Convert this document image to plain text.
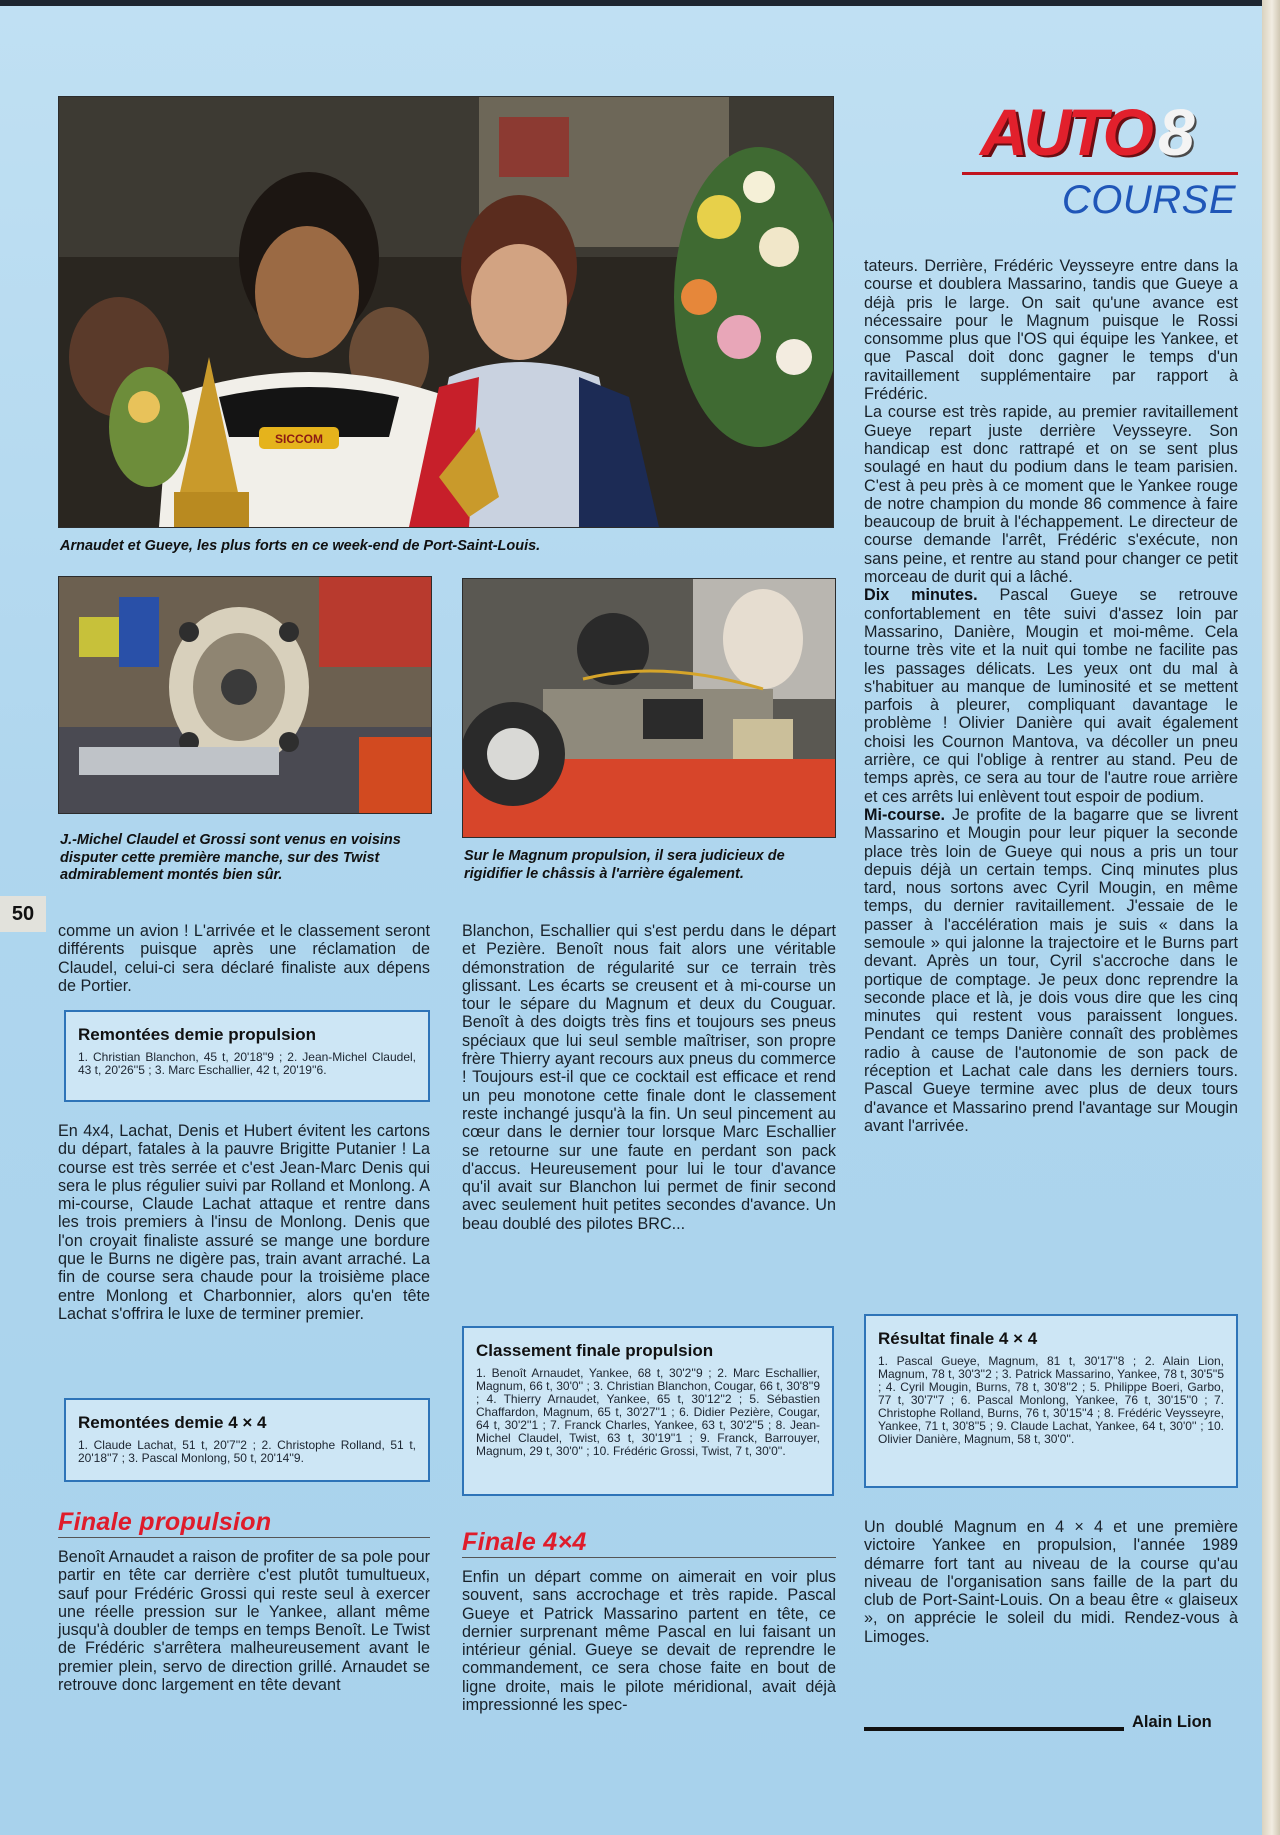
SICCOM

Arnaudet et Gueye, les plus forts en ce week-end de Port-Saint-Louis.

J.-Michel Claudel et Grossi sont venus en voisins disputer cette première manche, sur des Twist admirablement montés bien sûr.

Sur le Magnum propulsion, il sera judicieux de rigidifier le châssis à l'arrière également.

AUTO 8
COURSE
50

comme un avion ! L'arrivée et le classement seront différents puisque après une réclamation de Claudel, celui-ci sera déclaré finaliste aux dépens de Portier.

Remontées demie propulsion

1. Christian Blanchon, 45 t, 20'18''9 ; 2. Jean-Michel Claudel, 43 t, 20'26''5 ; 3. Marc Eschallier, 42 t, 20'19''6.

En 4x4, Lachat, Denis et Hubert évitent les cartons du départ, fatales à la pauvre Brigitte Putanier ! La course est très serrée et c'est Jean-Marc Denis qui sera le plus régulier suivi par Rolland et Monlong. A mi-course, Claude Lachat attaque et rentre dans les trois premiers à l'insu de Monlong. Denis que l'on croyait finaliste assuré se mange une bordure que le Burns ne digère pas, train avant arraché. La fin de course sera chaude pour la troisième place entre Monlong et Charbonnier, alors qu'en tête Lachat s'offrira le luxe de terminer premier.

Remontées demie 4 × 4

1. Claude Lachat, 51 t, 20'7''2 ; 2. Christophe Rolland, 51 t, 20'18''7 ; 3. Pascal Monlong, 50 t, 20'14''9.

Finale propulsion

Benoît Arnaudet a raison de profiter de sa pole pour partir en tête car derrière c'est plutôt tumultueux, sauf pour Frédéric Grossi qui reste seul à exercer une réelle pression sur le Yankee, allant même jusqu'à doubler de temps en temps Benoît. Le Twist de Frédéric s'arrêtera malheureusement avant le premier plein, servo de direction grillé. Arnaudet se retrouve donc largement en tête devant

Blanchon, Eschallier qui s'est perdu dans le départ et Pezière. Benoît nous fait alors une véritable démonstration de régularité sur ce terrain très glissant. Les écarts se creusent et à mi-course un tour le sépare du Magnum et deux du Couguar. Benoît à des doigts très fins et toujours ses pneus spéciaux que lui seul semble maîtriser, son propre frère Thierry ayant recours aux pneus du commerce ! Toujours est-il que ce cocktail est efficace et rend un peu monotone cette finale dont le classement reste inchangé jusqu'à la fin. Un seul pincement au cœur dans le dernier tour lorsque Marc Eschallier se retourne sur une faute en perdant son pack d'accus. Heureusement pour lui le tour d'avance qu'il avait sur Blanchon lui permet de finir second avec seulement huit petites secondes d'avance. Un beau doublé des pilotes BRC...

Classement finale propulsion

1. Benoît Arnaudet, Yankee, 68 t, 30'2''9 ; 2. Marc Eschallier, Magnum, 66 t, 30'0'' ; 3. Christian Blanchon, Cougar, 66 t, 30'8''9 ; 4. Thierry Arnaudet, Yankee, 65 t, 30'12''2 ; 5. Sébastien Chaffardon, Magnum, 65 t, 30'27''1 ; 6. Didier Pezière, Cougar, 64 t, 30'2''1 ; 7. Franck Charles, Yankee, 63 t, 30'2''5 ; 8. Jean-Michel Claudel, Twist, 63 t, 30'19''1 ; 9. Franck, Barrouyer, Magnum, 29 t, 30'0'' ; 10. Frédéric Grossi, Twist, 7 t, 30'0''.

Finale 4×4

Enfin un départ comme on aimerait en voir plus souvent, sans accrochage et très rapide. Pascal Gueye et Patrick Massarino partent en tête, ce dernier surprenant même Pascal en lui faisant un intérieur génial. Gueye se devait de reprendre le commandement, ce sera chose faite en bout de ligne droite, mais le pilote méridional, avait déjà impressionné les spec-

tateurs. Derrière, Frédéric Veysseyre entre dans la course et doublera Massarino, tandis que Gueye a déjà pris le large. On sait qu'une avance est nécessaire pour le Magnum puisque le Rossi consomme plus que l'OS qui équipe les Yankee, et que Pascal doit donc gagner le temps d'un ravitaillement supplémentaire par rapport à Frédéric.

La course est très rapide, au premier ravitaillement Gueye repart juste derrière Veysseyre. Son handicap est donc rattrapé et on se sent plus soulagé en haut du podium dans le team parisien. C'est à peu près à ce moment que le Yankee rouge de notre champion du monde 86 commence à faire beaucoup de bruit à l'échappement. Le directeur de course demande l'arrêt, Frédéric s'exécute, non sans peine, et rentre au stand pour changer ce petit morceau de durit qui a lâché.

Dix minutes. Pascal Gueye se retrouve confortablement en tête suivi d'assez loin par Massarino, Danière, Mougin et moi-même. Cela tourne très vite et la nuit qui tombe ne facilite pas les passages délicats. Les yeux ont du mal à s'habituer au manque de luminosité et se mettent parfois à pleurer, compliquant davantage le problème ! Olivier Danière qui avait également choisi les Cournon Mantova, va décoller un pneu arrière, ce qui l'oblige à rentrer au stand. Peu de temps après, ce sera au tour de l'autre roue arrière et ces arrêts lui enlèvent tout espoir de podium.

Mi-course. Je profite de la bagarre que se livrent Massarino et Mougin pour leur piquer la seconde place très loin de Gueye qui nous a pris un tour depuis déjà un certain temps. Cinq minutes plus tard, nous sortons avec Cyril Mougin, en même temps, du dernier ravitaillement. J'essaie de le passer à l'accélération mais je suis « dans la semoule » qui jalonne la trajectoire et le Burns part devant. Après un tour, Cyril s'accroche dans le portique de comptage. Je peux donc reprendre la seconde place et là, je dois vous dire que les cinq minutes qui restent vous paraissent longues. Pendant ce temps Danière connaît des problèmes radio à cause de l'autonomie de son pack de réception et Lachat cale dans les derniers tours. Pascal Gueye termine avec plus de deux tours d'avance et Massarino prend l'avantage sur Mougin avant l'arrivée.

Résultat finale 4 × 4

1. Pascal Gueye, Magnum, 81 t, 30'17''8 ; 2. Alain Lion, Magnum, 78 t, 30'3''2 ; 3. Patrick Massarino, Yankee, 78 t, 30'5''5 ; 4. Cyril Mougin, Burns, 78 t, 30'8''2 ; 5. Philippe Boeri, Garbo, 77 t, 30'7''7 ; 6. Pascal Monlong, Yankee, 76 t, 30'15''0 ; 7. Christophe Rolland, Burns, 76 t, 30'15''4 ; 8. Frédéric Veysseyre, Yankee, 71 t, 30'8''5 ; 9. Claude Lachat, Yankee, 64 t, 30'0'' ; 10. Olivier Danière, Magnum, 58 t, 30'0''.

Un doublé Magnum en 4 × 4 et une première victoire Yankee en propulsion, l'année 1989 démarre fort tant au niveau de la course qu'au niveau de l'organisation sans faille de la part du club de Port-Saint-Louis. On a beau être « glaiseux », on apprécie le soleil du midi. Rendez-vous à Limoges.

Alain Lion
